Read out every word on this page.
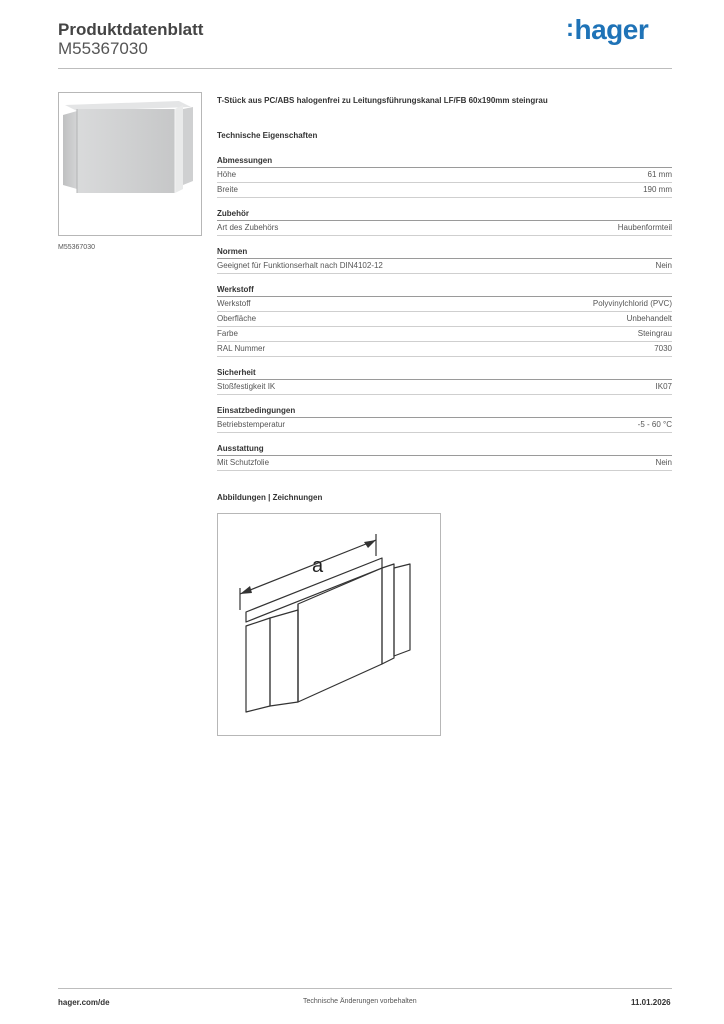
Produktdatenblatt
M55367030
:hager
M55367030
T-Stück aus PC/ABS halogenfrei zu Leitungsführungskanal LF/FB 60x190mm steingrau
Technische Eigenschaften
Abmessungen
Höhe	61 mm
Breite	190 mm
Zubehör
Art des Zubehörs	Haubenformteil
Normen
Geeignet für Funktionserhalt nach DIN4102-12	Nein
Werkstoff
Werkstoff	Polyvinylchlorid (PVC)
Oberfläche	Unbehandelt
Farbe	Steingrau
RAL Nummer	7030
Sicherheit
Stoßfestigkeit IK	IK07
Einsatzbedingungen
Betriebstemperatur	-5 - 60 °C
Ausstattung
Mit Schutzfolie	Nein
Abbildungen | Zeichnungen
a
hager.com/de	Technische Änderungen vorbehalten	11.01.2026
